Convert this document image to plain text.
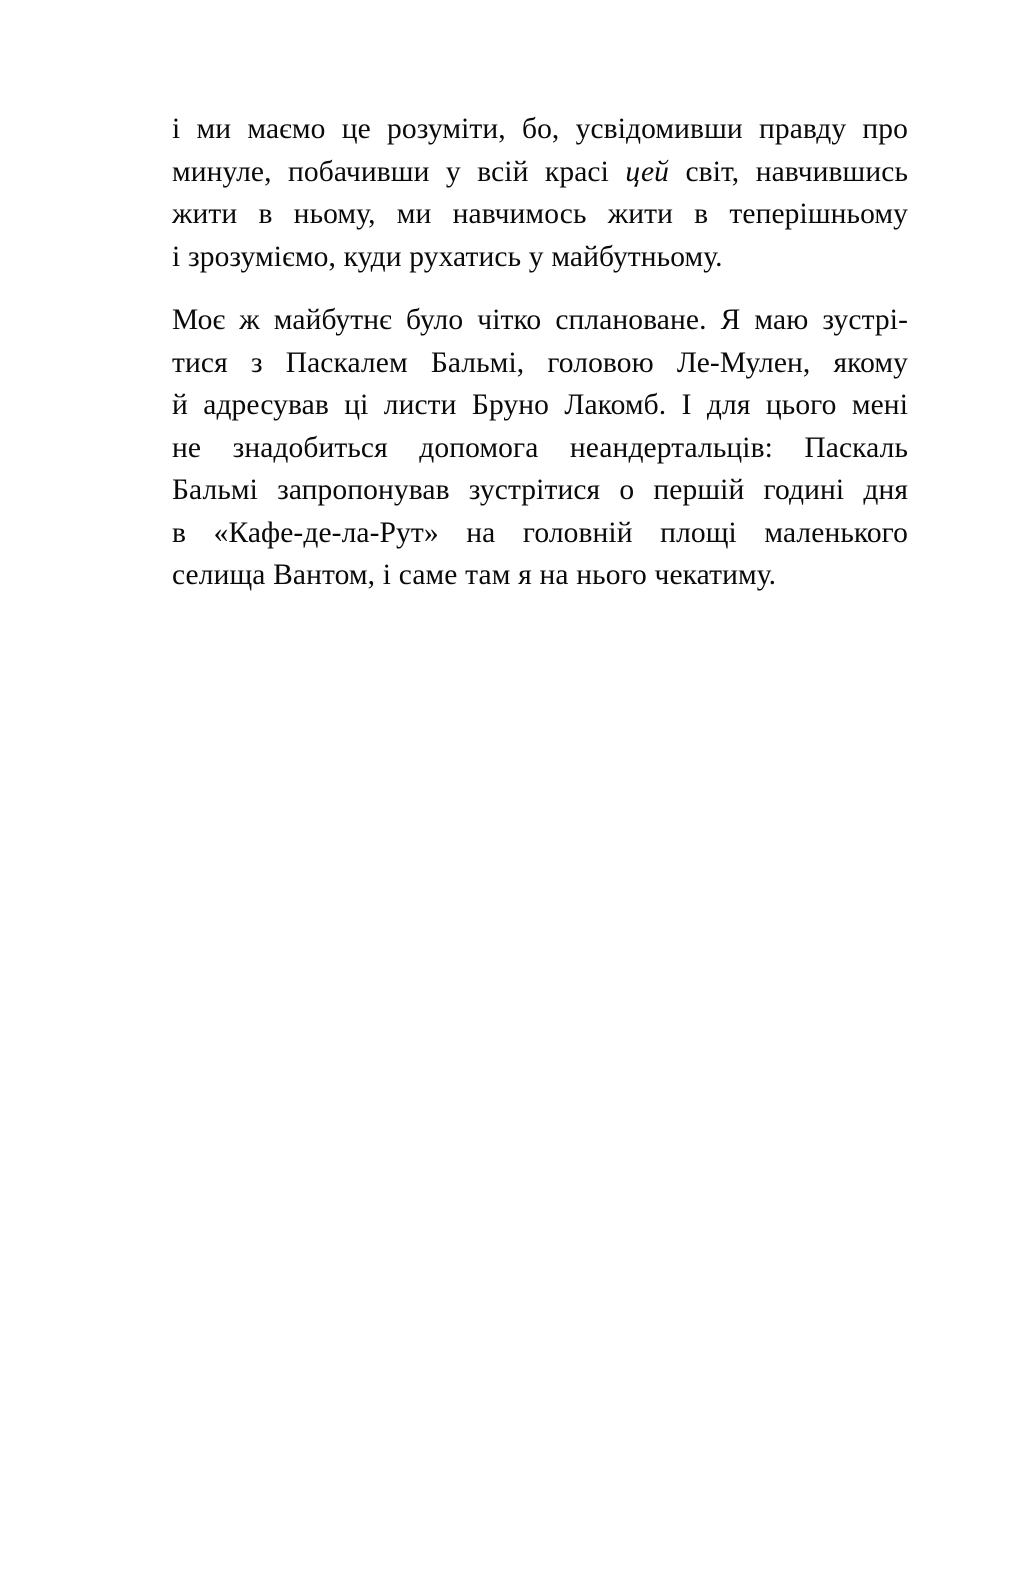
і ми маємо це розуміти, бо, усвідомивши правду про
минуле, побачивши у всій красі цей світ, навчившись
жити в ньому, ми навчимось жити в теперішньому
і зрозуміємо, куди рухатись у майбутньому.

Моє ж майбутнє було чітко сплановане. Я маю зустрі-
тися з Паскалем Бальмі, головою Ле-Мулен, якому
й адресував ці листи Бруно Лакомб. І для цього мені
не знадобиться допомога неандертальців: Паскаль
Бальмі запропонував зустрітися о першій годині дня
в «Кафе-де-ла-Рут» на головній площі маленького
селища Вантом, і саме там я на нього чекатиму.
